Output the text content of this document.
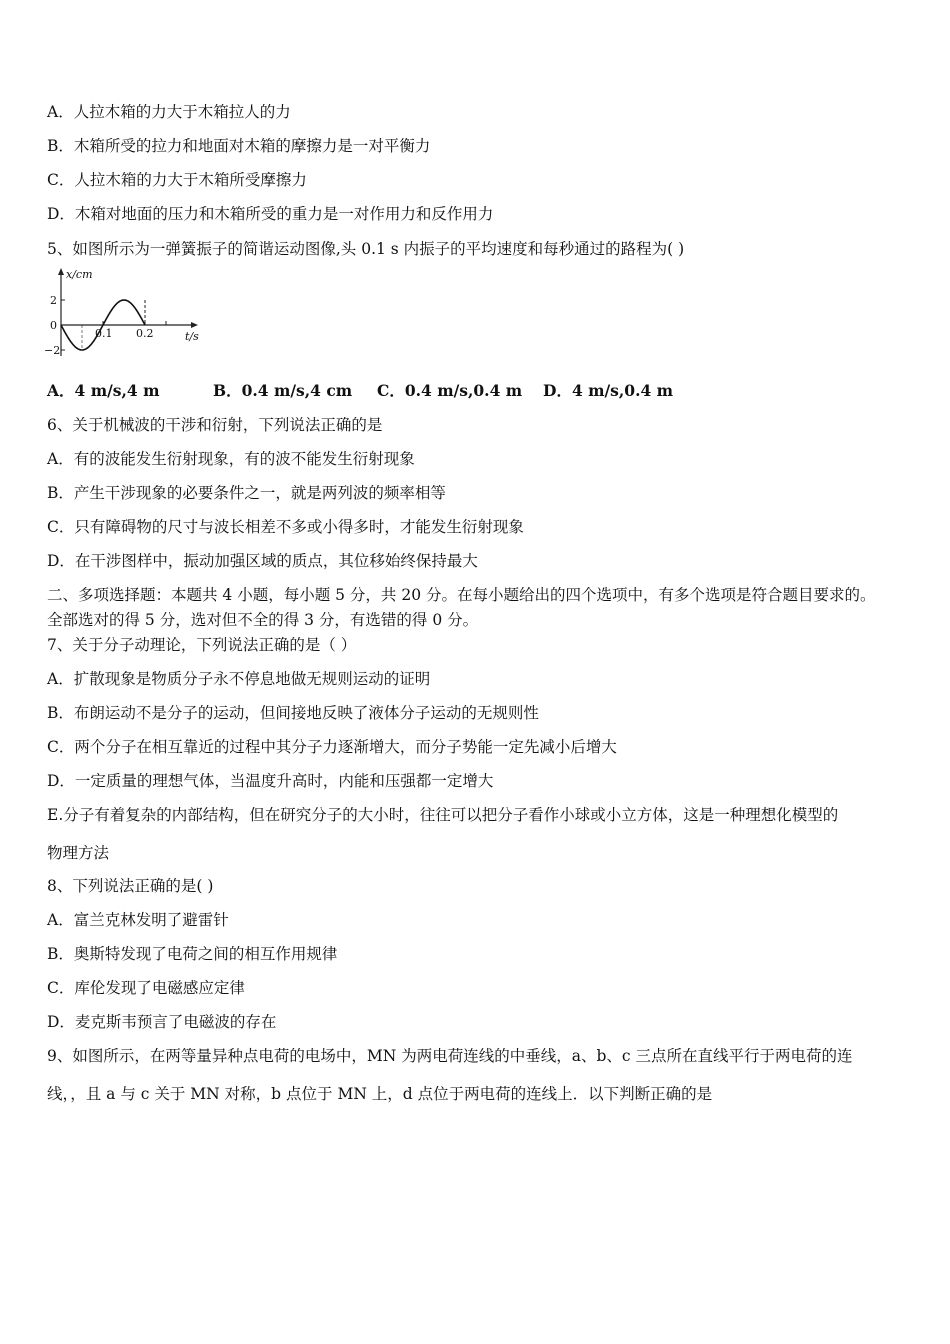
A．人拉木箱的力大于木箱拉人的力
B．木箱所受的拉力和地面对木箱的摩擦力是一对平衡力
C．人拉木箱的力大于木箱所受摩擦力
D．木箱对地面的压力和木箱所受的重力是一对作用力和反作用力
5、如图所示为一弹簧振子的简谐运动图像,头 0.1 s 内振子的平均速度和每秒通过的路程为( )
x/cm
t/s
2
0
−2
0.1 0.2
A．4 m/s,4 m	B．0.4 m/s,4 cm C．0.4 m/s,0.4 m D．4 m/s,0.4 m
6、关于机械波的干涉和衍射，下列说法正确的是
A．有的波能发生衍射现象，有的波不能发生衍射现象
B．产生干涉现象的必要条件之一，就是两列波的频率相等
C．只有障碍物的尺寸与波长相差不多或小得多时，才能发生衍射现象
D．在干涉图样中，振动加强区域的质点，其位移始终保持最大
二、多项选择题：本题共 4 小题，每小题 5 分，共 20 分。在每小题给出的四个选项中，有多个选项是符合题目要求的。
全部选对的得 5 分，选对但不全的得 3 分，有选错的得 0 分。
7、关于分子动理论，下列说法正确的是（ ）
A．扩散现象是物质分子永不停息地做无规则运动的证明
B．布朗运动不是分子的运动，但间接地反映了液体分子运动的无规则性
C．两个分子在相互靠近的过程中其分子力逐渐增大，而分子势能一定先减小后增大
D．一定质量的理想气体，当温度升高时，内能和压强都一定增大
E.分子有着复杂的内部结构，但在研究分子的大小时，往往可以把分子看作小球或小立方体，这是一种理想化模型的
物理方法
8、下列说法正确的是( )
A．富兰克林发明了避雷针
B．奥斯特发现了电荷之间的相互作用规律
C．库伦发现了电磁感应定律
D．麦克斯韦预言了电磁波的存在
9、如图所示，在两等量异种点电荷的电场中，MN 为两电荷连线的中垂线，a、b、c 三点所在直线平行于两电荷的连
线，，且 a 与 c 关于 MN 对称，b 点位于 MN 上，d 点位于两电荷的连线上．以下判断正确的是
